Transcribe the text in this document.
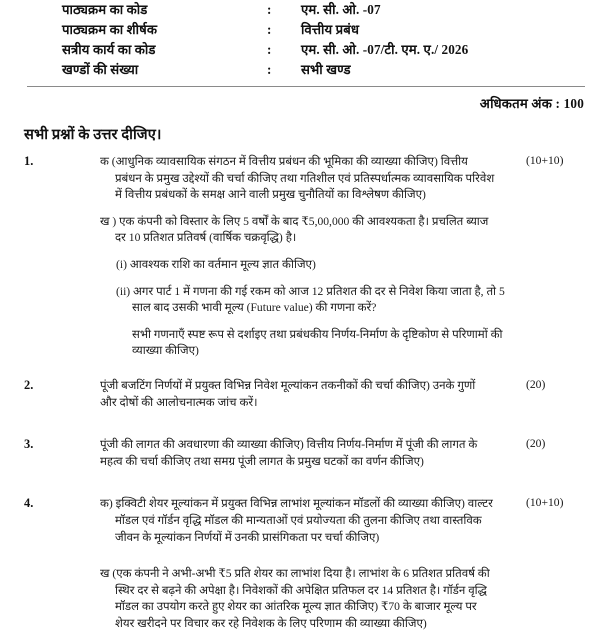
पाठ्यक्रम का कोड	:	एम. सी. ओ. -07
पाठ्यक्रम का शीर्षक	:	वित्तीय प्रबंध
सत्रीय कार्य का कोड	:	एम. सी. ओ. -07/टी. एम. ए./ 2026
खण्डों की संख्या	:	सभी खण्ड
अधिकतम अंक : 100
सभी प्रश्नों के उत्तर दीजिए।
1.	(10+10)

क (आधुनिक व्यावसायिक संगठन में वित्तीय प्रबंधन की भूमिका की व्याख्या कीजिए) वित्तीय प्रबंधन के प्रमुख उद्देश्यों की चर्चा कीजिए तथा गतिशील एवं प्रतिस्पर्धात्मक व्यावसायिक परिवेश में वित्तीय प्रबंधकों के समक्ष आने वाली प्रमुख चुनौतियों का विश्लेषण कीजिए)

ख ) एक कंपनी को विस्तार के लिए 5 वर्षों के बाद ₹5,00,000 की आवश्यकता है। प्रचलित ब्याज दर 10 प्रतिशत प्रतिवर्ष (वार्षिक चक्रवृद्धि) है।

(i) आवश्यक राशि का वर्तमान मूल्य ज्ञात कीजिए)

(ii) अगर पार्ट 1 में गणना की गई रकम को आज 12 प्रतिशत की दर से निवेश किया जाता है, तो 5 साल बाद उसकी भावी मूल्य (Future value) की गणना करें?

सभी गणनाएँ स्पष्ट रूप से दर्शाइए तथा प्रबंधकीय निर्णय-निर्माण के दृष्टिकोण से परिणामों की व्याख्या कीजिए)

2.	(20)

पूंजी बजटिंग निर्णयों में प्रयुक्त विभिन्न निवेश मूल्यांकन तकनीकों की चर्चा कीजिए) उनके गुणों और दोषों की आलोचनात्मक जांच करें।

3.	(20)

पूंजी की लागत की अवधारणा की व्याख्या कीजिए) वित्तीय निर्णय-निर्माण में पूंजी की लागत के महत्व की चर्चा कीजिए तथा समग्र पूंजी लागत के प्रमुख घटकों का वर्णन कीजिए)

4.	(10+10)

क) इक्विटी शेयर मूल्यांकन में प्रयुक्त विभिन्न लाभांश मूल्यांकन मॉडलों की व्याख्या कीजिए) वाल्टर मॉडल एवं गॉर्डन वृद्धि मॉडल की मान्यताओं एवं प्रयोज्यता की तुलना कीजिए तथा वास्तविक जीवन के मूल्यांकन निर्णयों में उनकी प्रासंगिकता पर चर्चा कीजिए)

ख (एक कंपनी ने अभी-अभी ₹5 प्रति शेयर का लाभांश दिया है। लाभांश के 6 प्रतिशत प्रतिवर्ष की स्थिर दर से बढ़ने की अपेक्षा है। निवेशकों की अपेक्षित प्रतिफल दर 14 प्रतिशत है। गॉर्डन वृद्धि मॉडल का उपयोग करते हुए शेयर का आंतरिक मूल्य ज्ञात कीजिए) ₹70 के बाजार मूल्य पर शेयर खरीदने पर विचार कर रहे निवेशक के लिए परिणाम की व्याख्या कीजिए)
